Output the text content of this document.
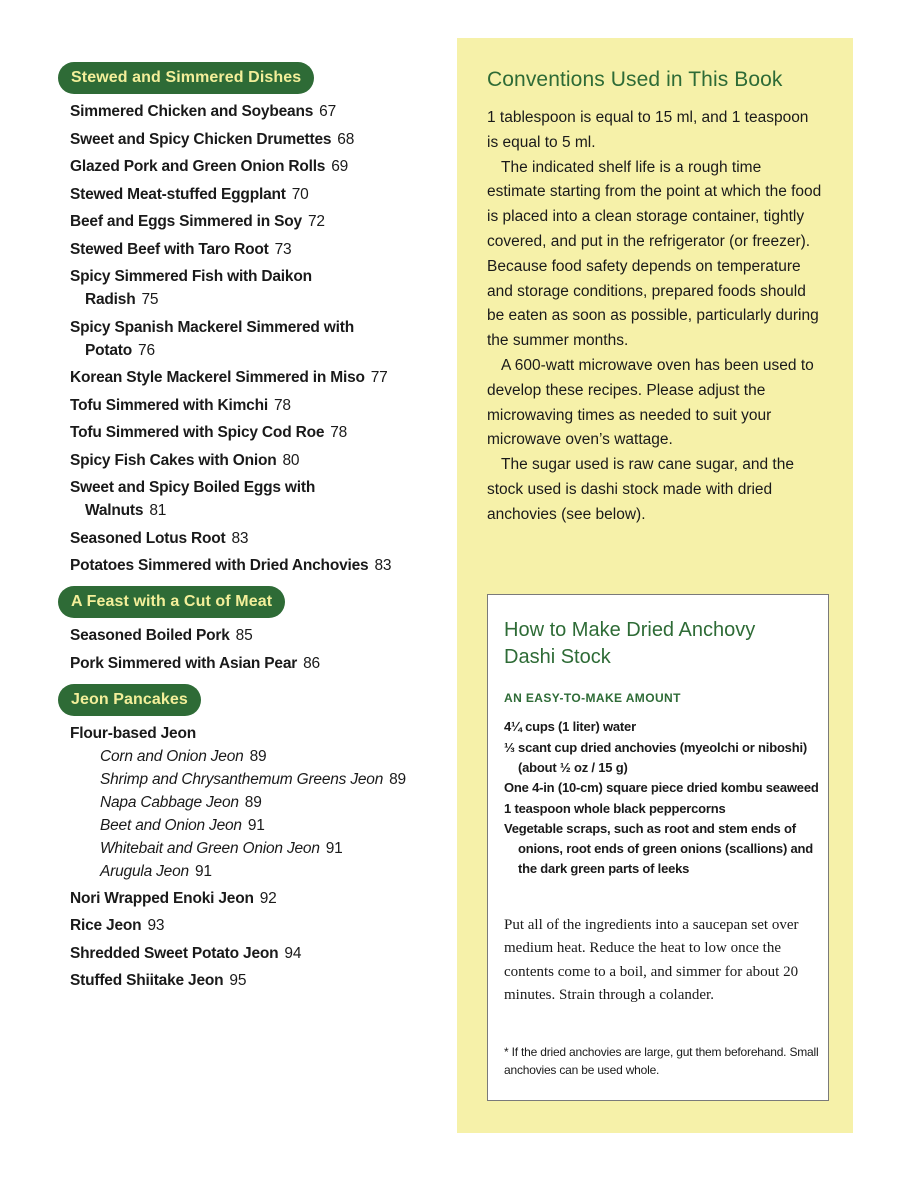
Stewed and Simmered Dishes
Simmered Chicken and Soybeans 67
Sweet and Spicy Chicken Drumettes 68
Glazed Pork and Green Onion Rolls 69
Stewed Meat-stuffed Eggplant 70
Beef and Eggs Simmered in Soy 72
Stewed Beef with Taro Root 73
Spicy Simmered Fish with Daikon Radish 75
Spicy Spanish Mackerel Simmered with Potato 76
Korean Style Mackerel Simmered in Miso 77
Tofu Simmered with Kimchi 78
Tofu Simmered with Spicy Cod Roe 78
Spicy Fish Cakes with Onion 80
Sweet and Spicy Boiled Eggs with Walnuts 81
Seasoned Lotus Root 83
Potatoes Simmered with Dried Anchovies 83
A Feast with a Cut of Meat
Seasoned Boiled Pork 85
Pork Simmered with Asian Pear 86
Jeon Pancakes
Flour-based Jeon
Corn and Onion Jeon 89
Shrimp and Chrysanthemum Greens Jeon 89
Napa Cabbage Jeon 89
Beet and Onion Jeon 91
Whitebait and Green Onion Jeon 91
Arugula Jeon 91
Nori Wrapped Enoki Jeon 92
Rice Jeon 93
Shredded Sweet Potato Jeon 94
Stuffed Shiitake Jeon 95
Conventions Used in This Book

1 tablespoon is equal to 15 ml, and 1 teaspoon is equal to 5 ml.

The indicated shelf life is a rough time estimate starting from the point at which the food is placed into a clean storage container, tightly covered, and put in the refrigerator (or freezer). Because food safety depends on temperature and storage conditions, prepared foods should be eaten as soon as possible, particularly during the summer months.

A 600-watt microwave oven has been used to develop these recipes. Please adjust the microwaving times as needed to suit your microwave oven’s wattage.

The sugar used is raw cane sugar, and the stock used is dashi stock made with dried anchovies (see below).

How to Make Dried Anchovy Dashi Stock
AN EASY-TO-MAKE AMOUNT
4¼ cups (1 liter) water
⅓ scant cup dried anchovies (myeolchi or niboshi) (about ½ oz / 15 g)
One 4-in (10-cm) square piece dried kombu seaweed
1 teaspoon whole black peppercorns
Vegetable scraps, such as root and stem ends of onions, root ends of green onions (scallions) and the dark green parts of leeks

Put all of the ingredients into a saucepan set over medium heat. Reduce the heat to low once the contents come to a boil, and simmer for about 20 minutes. Strain through a colander.

* If the dried anchovies are large, gut them beforehand. Small anchovies can be used whole.
